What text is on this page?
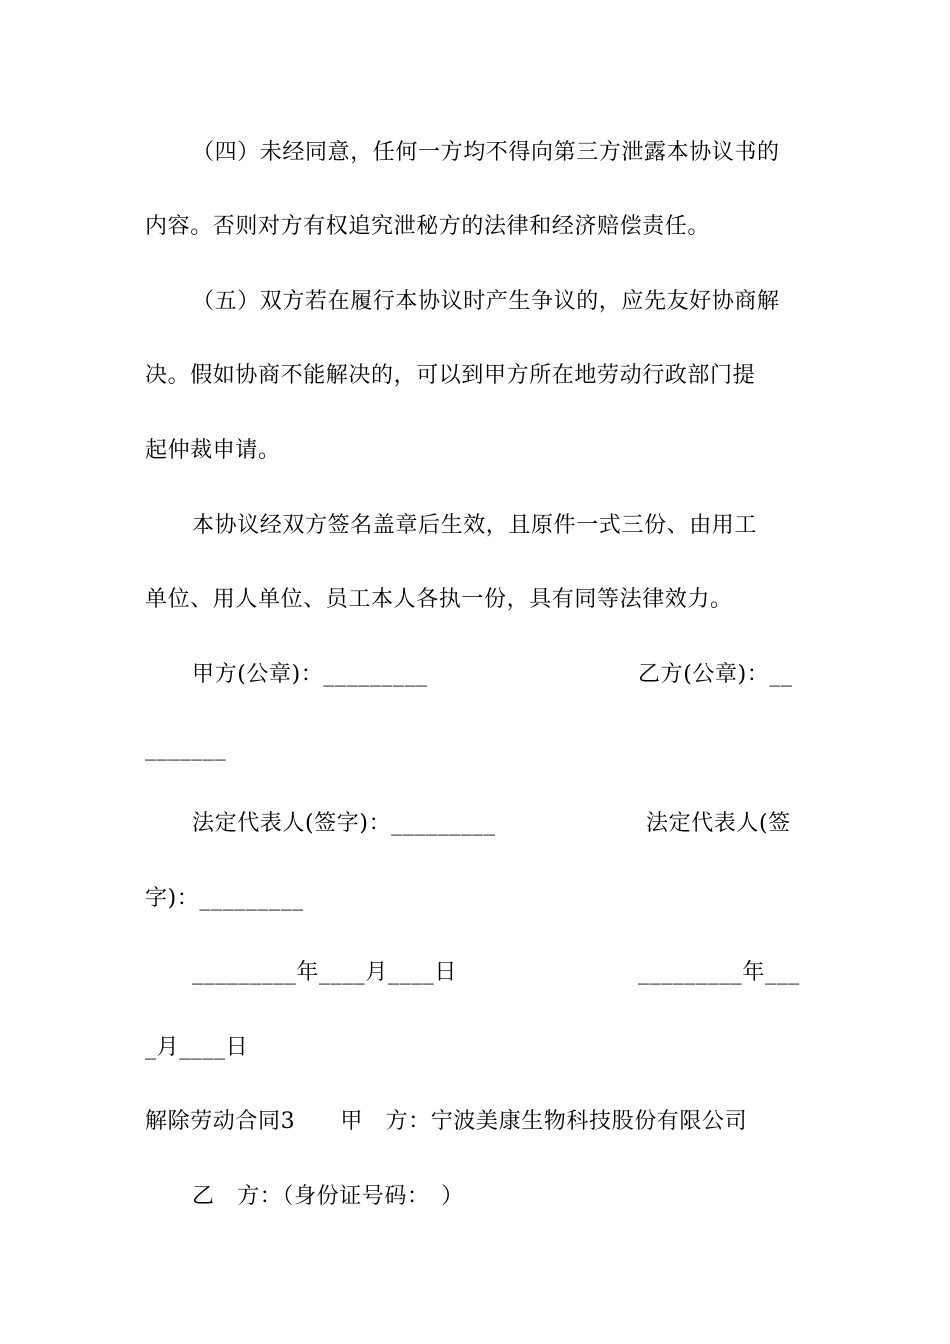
（四）未经同意，任何一方均不得向第三方泄露本协议书的
内容。否则对方有权追究泄秘方的法律和经济赔偿责任。
（五）双方若在履行本协议时产生争议的，应先友好协商解
决。假如协商不能解决的，可以到甲方所在地劳动行政部门提
起仲裁申请。
本协议经双方签名盖章后生效，且原件一式三份、由用工
单位、用人单位、员工本人各执一份，具有同等法律效力。
甲方(公章)：_________	乙方(公章)：__
_______
法定代表人(签字)：_________	法定代表人(签
字)：_________
_________年____月____日	_________年___
_月____日
解除劳动合同3　　甲　方：宁波美康生物科技股份有限公司
乙　方：（身份证号码：　）
